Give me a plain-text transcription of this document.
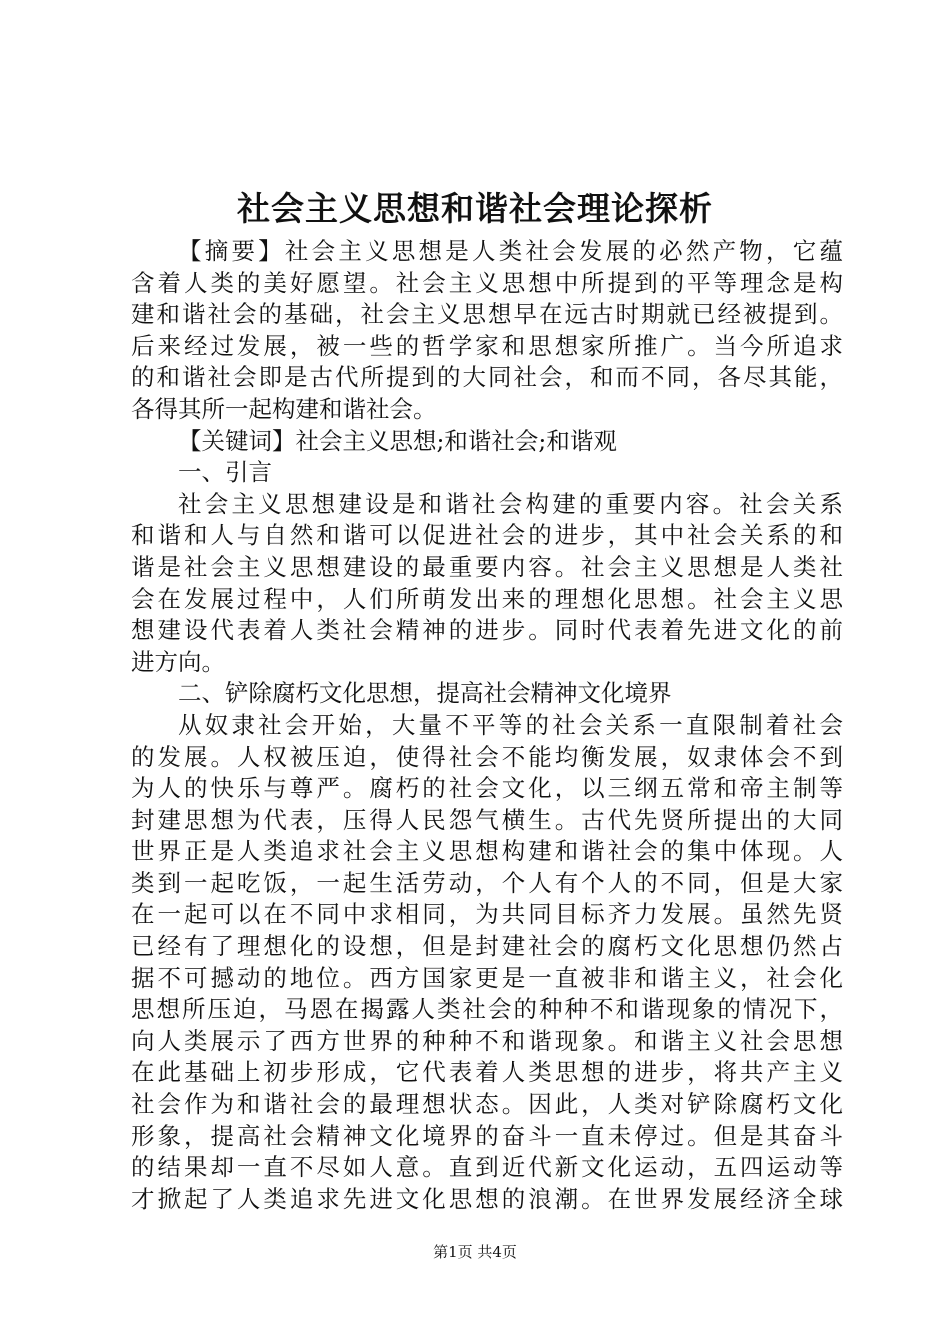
社会主义思想和谐社会理论探析
【摘要】社会主义思想是人类社会发展的必然产物，它蕴
含着人类的美好愿望。社会主义思想中所提到的平等理念是构
建和谐社会的基础，社会主义思想早在远古时期就已经被提到。
后来经过发展，被一些的哲学家和思想家所推广。当今所追求
的和谐社会即是古代所提到的大同社会，和而不同，各尽其能，
各得其所一起构建和谐社会。
【关键词】社会主义思想;和谐社会;和谐观
一、引言
社会主义思想建设是和谐社会构建的重要内容。社会关系
和谐和人与自然和谐可以促进社会的进步，其中社会关系的和
谐是社会主义思想建设的最重要内容。社会主义思想是人类社
会在发展过程中，人们所萌发出来的理想化思想。社会主义思
想建设代表着人类社会精神的进步。同时代表着先进文化的前
进方向。
二、铲除腐朽文化思想，提高社会精神文化境界
从奴隶社会开始，大量不平等的社会关系一直限制着社会
的发展。人权被压迫，使得社会不能均衡发展，奴隶体会不到
为人的快乐与尊严。腐朽的社会文化，以三纲五常和帝主制等
封建思想为代表，压得人民怨气横生。古代先贤所提出的大同
世界正是人类追求社会主义思想构建和谐社会的集中体现。人
类到一起吃饭，一起生活劳动，个人有个人的不同，但是大家
在一起可以在不同中求相同，为共同目标齐力发展。虽然先贤
已经有了理想化的设想，但是封建社会的腐朽文化思想仍然占
据不可撼动的地位。西方国家更是一直被非和谐主义，社会化
思想所压迫，马恩在揭露人类社会的种种不和谐现象的情况下，
向人类展示了西方世界的种种不和谐现象。和谐主义社会思想
在此基础上初步形成，它代表着人类思想的进步，将共产主义
社会作为和谐社会的最理想状态。因此，人类对铲除腐朽文化
形象，提高社会精神文化境界的奋斗一直未停过。但是其奋斗
的结果却一直不尽如人意。直到近代新文化运动，五四运动等
才掀起了人类追求先进文化思想的浪潮。在世界发展经济全球
第1页 共4页
